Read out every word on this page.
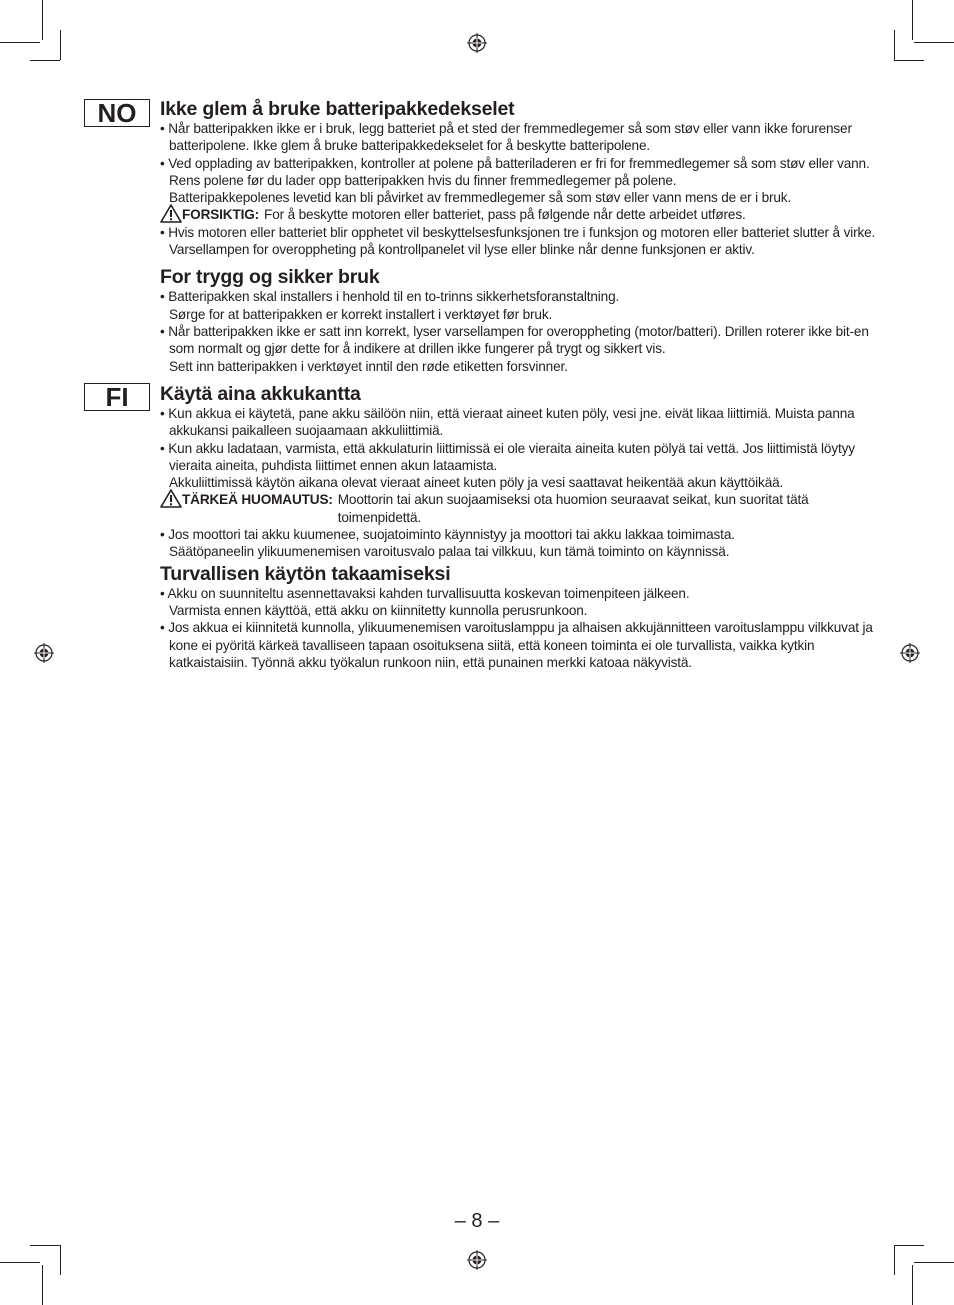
NO	Ikke glem å bruke batteripakkedekselet

• Når batteripakken ikke er i bruk, legg batteriet på et sted der fremmedlegemer så som støv eller vann ikke forurenser batteripolene. Ikke glem å bruke batteripakkedekselet for å beskytte batteripolene.

• Ved opplading av batteripakken, kontroller at polene på batteriladeren er fri for fremmedlegemer så som støv eller vann. Rens polene før du lader opp batteripakken hvis du finner fremmedlegemer på polene.

Batteripakkepolenes levetid kan bli påvirket av fremmedlegemer så som støv eller vann mens de er i bruk.

FORSIKTIG: For å beskytte motoren eller batteriet, pass på følgende når dette arbeidet utføres.

• Hvis motoren eller batteriet blir opphetet vil beskyttelsesfunksjonen tre i funksjon og motoren eller batteriet slutter å virke. Varsellampen for overoppheting på kontrollpanelet vil lyse eller blinke når denne funksjonen er aktiv.

For trygg og sikker bruk

• Batteripakken skal installers i henhold til en to-trinns sikkerhetsforanstaltning.

Sørge for at batteripakken er korrekt installert i verktøyet før bruk.

• Når batteripakken ikke er satt inn korrekt, lyser varsellampen for overoppheting (motor/batteri). Drillen roterer ikke bit-en som normalt og gjør dette for å indikere at drillen ikke fungerer på trygt og sikkert vis.

Sett inn batteripakken i verktøyet inntil den røde etiketten forsvinner.

FI	Käytä aina akkukantta

• Kun akkua ei käytetä, pane akku säilöön niin, että vieraat aineet kuten pöly, vesi jne. eivät likaa liittimiä. Muista panna akkukansi paikalleen suojaamaan akkuliittimiä.

• Kun akku ladataan, varmista, että akkulaturin liittimissä ei ole vieraita aineita kuten pölyä tai vettä. Jos liittimistä löytyy vieraita aineita, puhdista liittimet ennen akun lataamista.

Akkuliittimissä käytön aikana olevat vieraat aineet kuten pöly ja vesi saattavat heikentää akun käyttöikää.

TÄRKEÄ HUOMAUTUS: Moottorin tai akun suojaamiseksi ota huomion seuraavat seikat, kun suoritat tätä toimenpidettä.

• Jos moottori tai akku kuumenee, suojatoiminto käynnistyy ja moottori tai akku lakkaa toimimasta.

Säätöpaneelin ylikuumenemisen varoitusvalo palaa tai vilkkuu, kun tämä toiminto on käynnissä.

Turvallisen käytön takaamiseksi

• Akku on suunniteltu asennettavaksi kahden turvallisuutta koskevan toimenpiteen jälkeen.

Varmista ennen käyttöä, että akku on kiinnitetty kunnolla perusrunkoon.

• Jos akkua ei kiinnitetä kunnolla, ylikuumenemisen varoituslamppu ja alhaisen akkujännitteen varoituslamppu vilkkuvat ja kone ei pyöritä kärkeä tavalliseen tapaan osoituksena siitä, että koneen toiminta ei ole turvallista, vaikka kytkin katkaistaisiin. Työnnä akku työkalun runkoon niin, että punainen merkki katoaa näkyvistä.

– 8 –
